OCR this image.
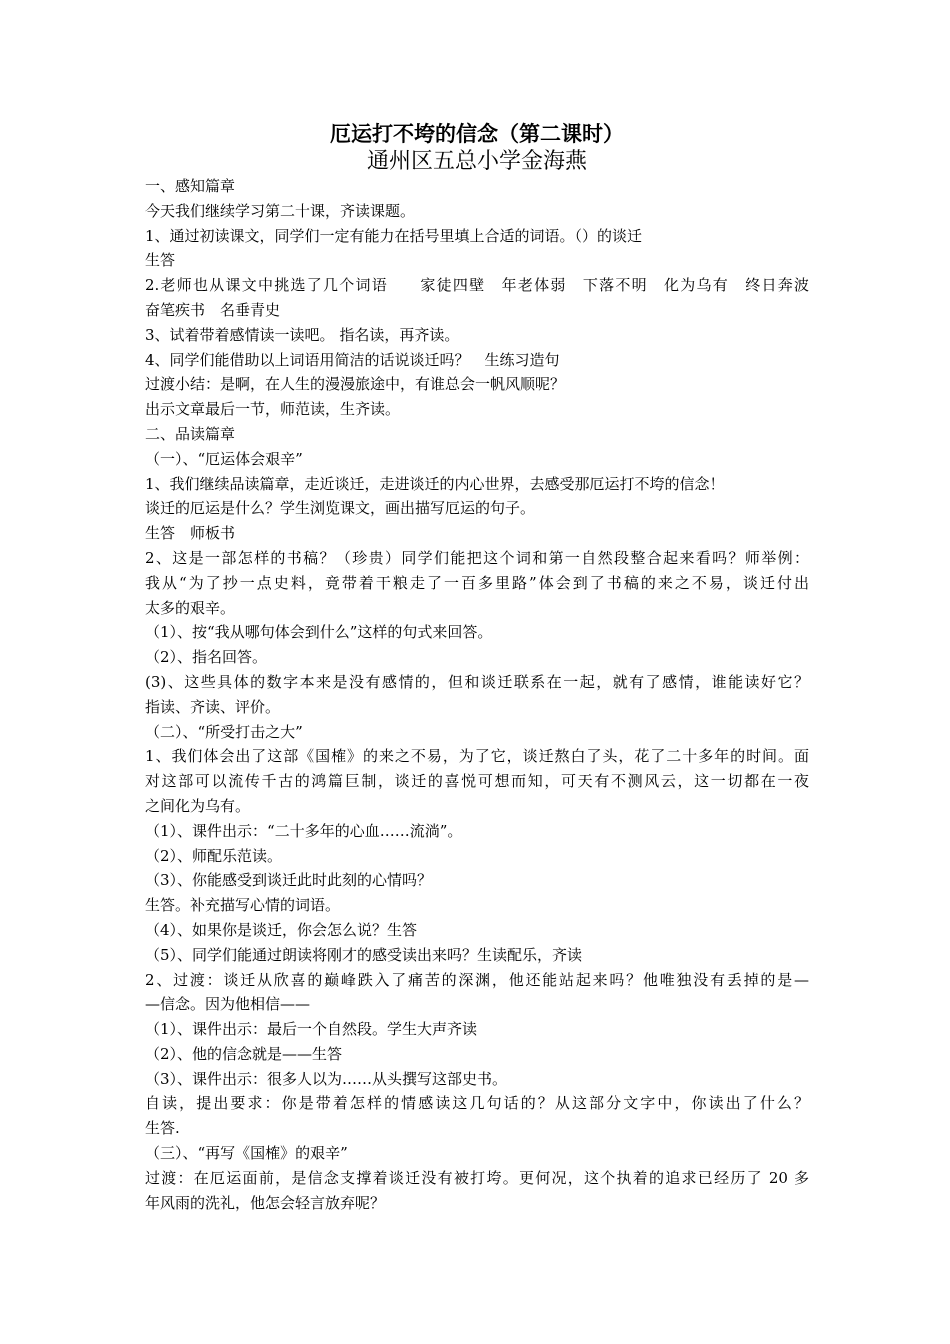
厄运打不垮的信念（第二课时）
通州区五总小学金海燕
一、感知篇章
今天我们继续学习第二十课，齐读课题。
1、通过初读课文，同学们一定有能力在括号里填上合适的词语。（）的谈迁
生答
2.老师也从课文中挑选了几个词语　　家徒四壁　年老体弱　下落不明　化为乌有　终日奔波
奋笔疾书　名垂青史
3、试着带着感情读一读吧。 指名读，再齐读。
4、同学们能借助以上词语用简洁的话说谈迁吗？　生练习造句
过渡小结：是啊，在人生的漫漫旅途中，有谁总会一帆风顺呢？
出示文章最后一节，师范读，生齐读。
二、品读篇章
（一）、“厄运体会艰辛”
1、我们继续品读篇章，走近谈迁，走进谈迁的内心世界，去感受那厄运打不垮的信念！
谈迁的厄运是什么？学生浏览课文，画出描写厄运的句子。
生答　师板书
2、这是一部怎样的书稿？（珍贵）同学们能把这个词和第一自然段整合起来看吗？师举例：
我从“为了抄一点史料，竟带着干粮走了一百多里路”体会到了书稿的来之不易，谈迁付出
太多的艰辛。
（1）、按“我从哪句体会到什么”这样的句式来回答。
（2）、指名回答。
(3)、这些具体的数字本来是没有感情的，但和谈迁联系在一起，就有了感情，谁能读好它？
指读、齐读、评价。
（二）、“所受打击之大”
1、我们体会出了这部《国榷》的来之不易，为了它，谈迁熬白了头，花了二十多年的时间。面
对这部可以流传千古的鸿篇巨制，谈迁的喜悦可想而知，可天有不测风云，这一切都在一夜
之间化为乌有。
（1）、课件出示：“二十多年的心血……流淌”。
（2）、师配乐范读。
（3）、你能感受到谈迁此时此刻的心情吗？
生答。补充描写心情的词语。
（4）、如果你是谈迁，你会怎么说？生答
（5）、同学们能通过朗读将刚才的感受读出来吗？生读配乐，齐读
2、过渡：谈迁从欣喜的巅峰跌入了痛苦的深渊，他还能站起来吗？他唯独没有丢掉的是—
—信念。因为他相信——
（1）、课件出示：最后一个自然段。学生大声齐读
（2）、他的信念就是——生答
（3）、课件出示：很多人以为……从头撰写这部史书。
自读，提出要求：你是带着怎样的情感读这几句话的？从这部分文字中，你读出了什么？
生答.
（三）、“再写《国榷》的艰辛”
过渡：在厄运面前，是信念支撑着谈迁没有被打垮。更何况，这个执着的追求已经历了 20 多
年风雨的洗礼，他怎会轻言放弃呢？
